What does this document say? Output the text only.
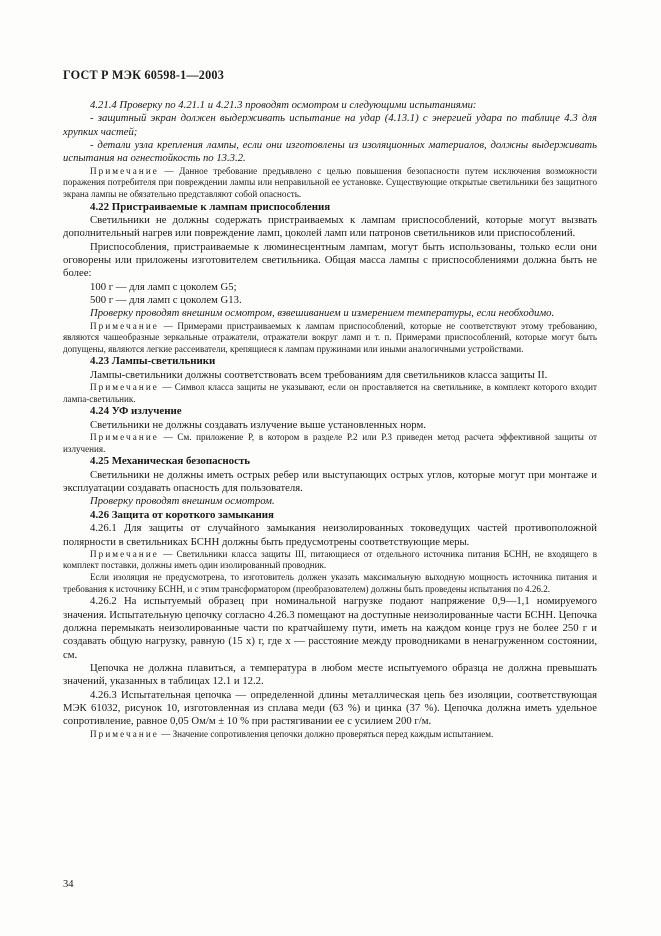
ГОСТ Р МЭК 60598-1—2003

4.21.4 Проверку по 4.21.1 и 4.21.3 проводят осмотром и следующими испытаниями:

- защитный экран должен выдерживать испытание на удар (4.13.1) с энергией удара по таблице 4.3 для хрупких частей;

- детали узла крепления лампы, если они изготовлены из изоляционных материалов, должны выдерживать испытания на огнестойкость по 13.3.2.

Примечание — Данное требование предъявлено с целью повышения безопасности путем исключения возможности поражения потребителя при повреждении лампы или неправильной ее установке. Существующие открытые светильники без защитного экрана лампы не обязательно представляют собой опасность.

4.22 Пристраиваемые к лампам приспособления

Светильники не должны содержать пристраиваемых к лампам приспособлений, которые могут вызвать дополнительный нагрев или повреждение ламп, цоколей ламп или патронов светильников или приспособлений.

Приспособления, пристраиваемые к люминесцентным лампам, могут быть использованы, только если они оговорены или приложены изготовителем светильника. Общая масса лампы с приспособлениями должна быть не более:

100 г — для ламп с цоколем G5;

500 г — для ламп с цоколем G13.

Проверку проводят внешним осмотром, взвешиванием и измерением температуры, если необходимо.

Примечание — Примерами пристраиваемых к лампам приспособлений, которые не соответствуют этому требованию, являются чашеобразные зеркальные отражатели, отражатели вокруг ламп и т. п. Примерами приспособлений, которые могут быть допущены, являются легкие рассеиватели, крепящиеся к лампам пружинами или иными аналогичными устройствами.

4.23 Лампы-светильники

Лампы-светильники должны соответствовать всем требованиям для светильников класса защиты II.

Примечание — Символ класса защиты не указывают, если он проставляется на светильнике, в комплект которого входит лампа-светильник.

4.24 УФ излучение

Светильники не должны создавать излучение выше установленных норм.

Примечание — См. приложение Р, в котором в разделе Р.2 или Р.3 приведен метод расчета эффективной защиты от излучения.

4.25 Механическая безопасность

Светильники не должны иметь острых ребер или выступающих острых углов, которые могут при монтаже и эксплуатации создавать опасность для пользователя.

Проверку проводят внешним осмотром.

4.26 Защита от короткого замыкания

4.26.1 Для защиты от случайного замыкания неизолированных токоведущих частей противоположной полярности в светильниках БСНН должны быть предусмотрены соответствующие меры.

Примечание — Светильники класса защиты III, питающиеся от отдельного источника питания БСНН, не входящего в комплект поставки, должны иметь один изолированный проводник.

Если изоляция не предусмотрена, то изготовитель должен указать максимальную выходную мощность источника питания и требования к источнику БСНН, и с этим трансформатором (преобразователем) должны быть проведены испытания по 4.26.2.

4.26.2 На испытуемый образец при номинальной нагрузке подают напряжение 0,9—1,1 номируемого значения. Испытательную цепочку согласно 4.26.3 помещают на доступные неизолированные части БСНН. Цепочка должна перемыкать неизолированные части по кратчайшему пути, иметь на каждом конце груз не более 250 г и создавать общую нагрузку, равную (15 x) г, где x — расстояние между проводниками в ненагруженном состоянии, см.

Цепочка не должна плавиться, а температура в любом месте испытуемого образца не должна превышать значений, указанных в таблицах 12.1 и 12.2.

4.26.3 Испытательная цепочка — определенной длины металлическая цепь без изоляции, соответствующая МЭК 61032, рисунок 10, изготовленная из сплава меди (63 %) и цинка (37 %). Цепочка должна иметь удельное сопротивление, равное 0,05 Ом/м ± 10 % при растягивании ее с усилием 200 г/м.

Примечание — Значение сопротивления цепочки должно проверяться перед каждым испытанием.

34
